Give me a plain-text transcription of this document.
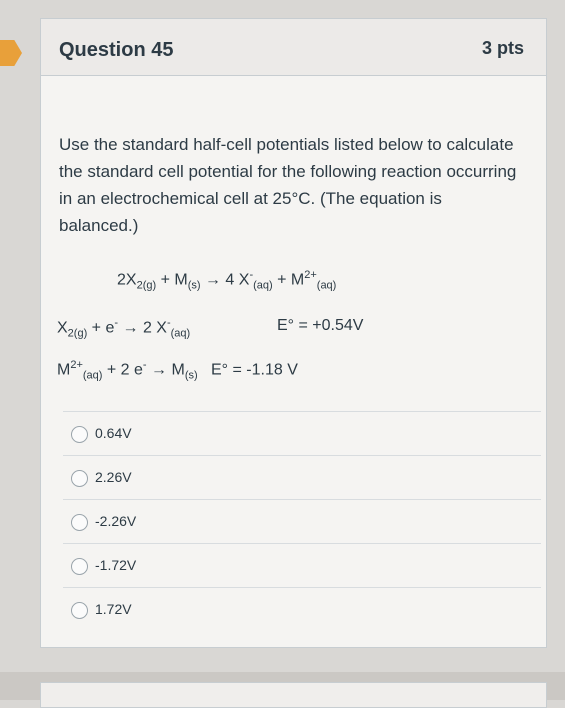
Question 45	3 pts
Use the standard half-cell potentials listed below to calculate the standard cell potential for the following reaction occurring in an electrochemical cell at 25°C. (The equation is balanced.)
$2X_{2(g)} + M_{(s)} \to 4$ $X^-_{(aq)} + M^{2+}_{(aq)}$
$X_{2(g)} + e^- \to 2$ $X^-_{(aq)}$	E° = +0.54V
$M^{2+}_{(aq)} + 2$ $e^- \to M_{(s)}$ E° = -1.18 V
0.64V
2.26V
-2.26V
-1.72V
1.72V
